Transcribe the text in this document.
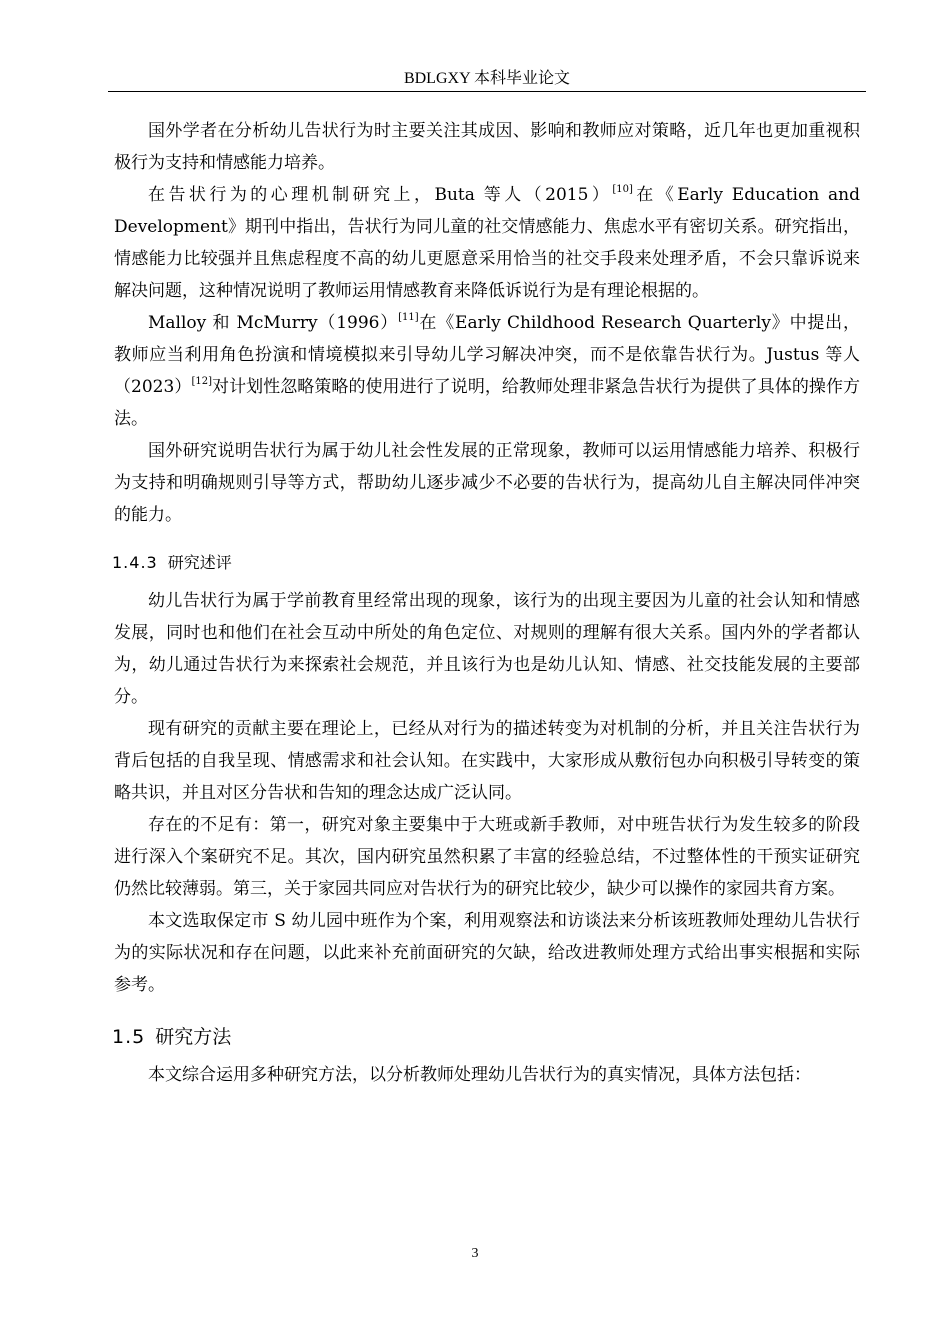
BDLGXY 本科毕业论文

国外学者在分析幼儿告状行为时主要关注其成因、影响和教师应对策略，近几年也更加重视积极行为支持和情感能力培养。

在告状行为的心理机制研究上，Buta 等人（2015）[10]在《Early Education and Development》期刊中指出，告状行为同儿童的社交情感能力、焦虑水平有密切关系。研究指出，情感能力比较强并且焦虑程度不高的幼儿更愿意采用恰当的社交手段来处理矛盾，不会只靠诉说来解决问题，这种情况说明了教师运用情感教育来降低诉说行为是有理论根据的。

Malloy 和 McMurry（1996）[11]在《Early Childhood Research Quarterly》中提出，教师应当利用角色扮演和情境模拟来引导幼儿学习解决冲突，而不是依靠告状行为。Justus 等人（2023）[12]对计划性忽略策略的使用进行了说明，给教师处理非紧急告状行为提供了具体的操作方法。

国外研究说明告状行为属于幼儿社会性发展的正常现象，教师可以运用情感能力培养、积极行为支持和明确规则引导等方式，帮助幼儿逐步减少不必要的告状行为，提高幼儿自主解决同伴冲突的能力。

1.4.3 研究述评

幼儿告状行为属于学前教育里经常出现的现象，该行为的出现主要因为儿童的社会认知和情感发展，同时也和他们在社会互动中所处的角色定位、对规则的理解有很大关系。国内外的学者都认为，幼儿通过告状行为来探索社会规范，并且该行为也是幼儿认知、情感、社交技能发展的主要部分。

现有研究的贡献主要在理论上，已经从对行为的描述转变为对机制的分析，并且关注告状行为背后包括的自我呈现、情感需求和社会认知。在实践中，大家形成从敷衍包办向积极引导转变的策略共识，并且对区分告状和告知的理念达成广泛认同。

存在的不足有：第一，研究对象主要集中于大班或新手教师，对中班告状行为发生较多的阶段进行深入个案研究不足。其次，国内研究虽然积累了丰富的经验总结，不过整体性的干预实证研究仍然比较薄弱。第三，关于家园共同应对告状行为的研究比较少，缺少可以操作的家园共育方案。

本文选取保定市 S 幼儿园中班作为个案，利用观察法和访谈法来分析该班教师处理幼儿告状行为的实际状况和存在问题，以此来补充前面研究的欠缺，给改进教师处理方式给出事实根据和实际参考。

1.5 研究方法

本文综合运用多种研究方法，以分析教师处理幼儿告状行为的真实情况，具体方法包括：

3
